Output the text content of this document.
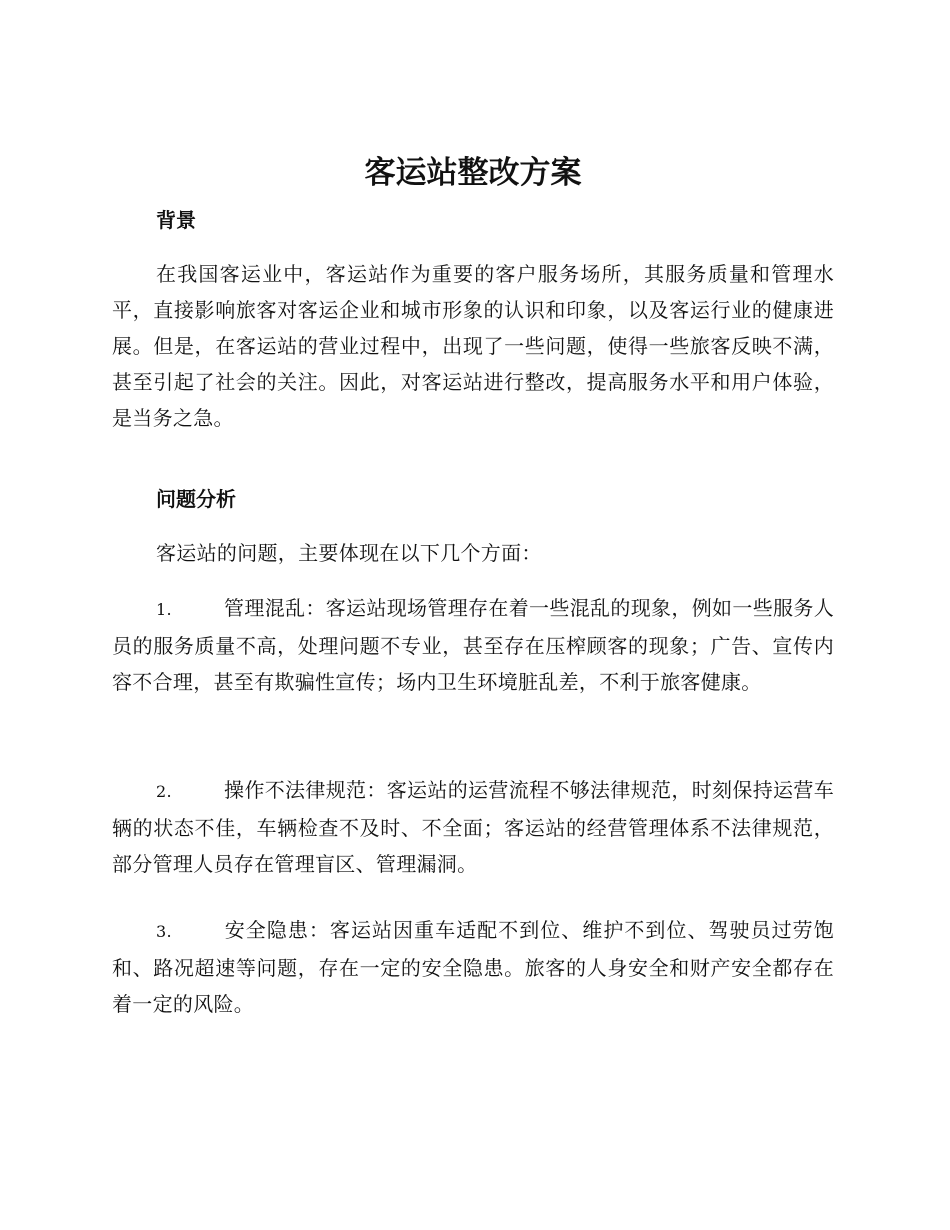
客运站整改方案
背景

在我国客运业中，客运站作为重要的客户服务场所，其服务质量和管理水平，直接影响旅客对客运企业和城市形象的认识和印象，以及客运行业的健康进展。但是，在客运站的营业过程中，出现了一些问题，使得一些旅客反映不满，甚至引起了社会的关注。因此，对客运站进行整改，提高服务水平和用户体验，是当务之急。

问题分析

客运站的问题，主要体现在以下几个方面：

1.	管理混乱：客运站现场管理存在着一些混乱的现象，例如一些服务人员的服务质量不高，处理问题不专业，甚至存在压榨顾客的现象；广告、宣传内容不合理，甚至有欺骗性宣传；场内卫生环境脏乱差，不利于旅客健康。

2.	操作不法律规范：客运站的运营流程不够法律规范，时刻保持运营车辆的状态不佳，车辆检查不及时、不全面；客运站的经营管理体系不法律规范，部分管理人员存在管理盲区、管理漏洞。

3.	安全隐患：客运站因重车适配不到位、维护不到位、驾驶员过劳饱和、路况超速等问题，存在一定的安全隐患。旅客的人身安全和财产安全都存在着一定的风险。
